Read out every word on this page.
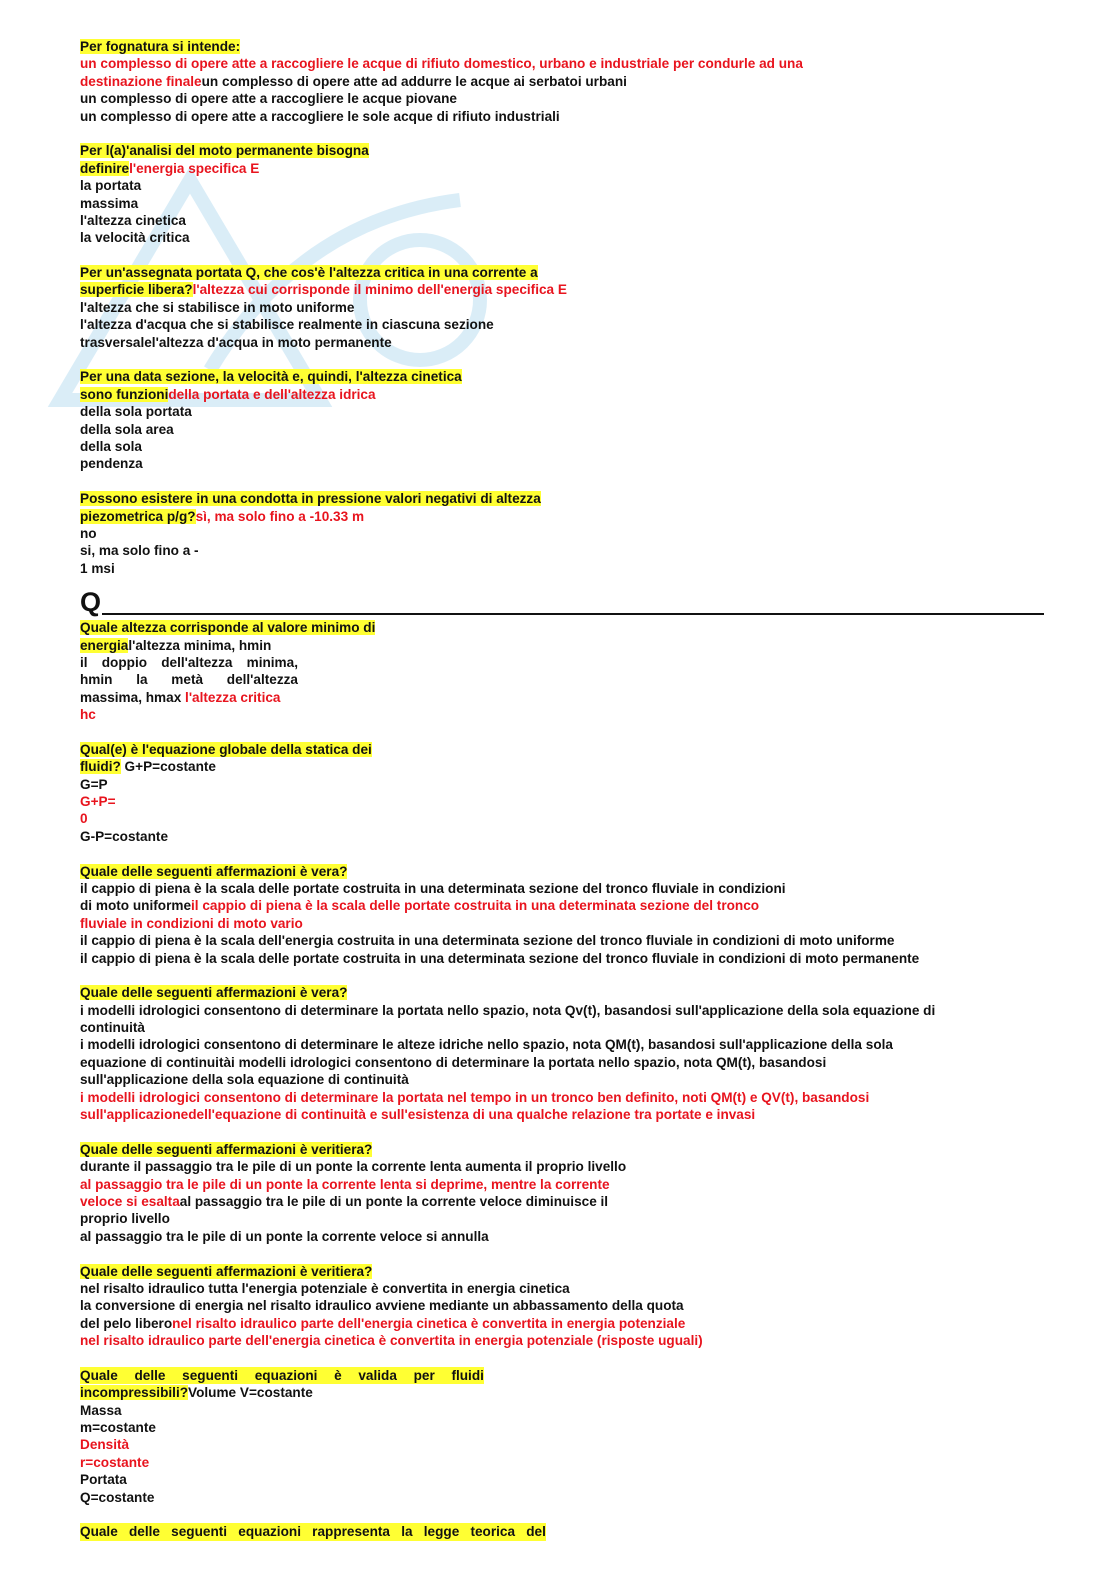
Per fognatura si intende:
un complesso di opere atte a raccogliere le acque di rifiuto domestico, urbano e industriale per condurle ad una
destinazione finaleun complesso di opere atte ad addurre le acque ai serbatoi urbani
un complesso di opere atte a raccogliere le acque piovane
un complesso di opere atte a raccogliere le sole acque di rifiuto industriali
Per l(a)'analisi del moto permanente bisogna
definirel'energia specifica E
la portata
massima
l'altezza cinetica
la velocità critica
Per un'assegnata portata Q, che cos'è l'altezza critica in una corrente a
superficie libera?l'altezza cui corrisponde il minimo dell'energia specifica E
l'altezza che si stabilisce in moto uniforme
l'altezza d'acqua che si stabilisce realmente in ciascuna sezione
trasversalel'altezza d'acqua in moto permanente
Per una data sezione, la velocità e, quindi, l'altezza cinetica
sono funzionidella portata e dell'altezza idrica
della sola portata
della sola area
della sola
pendenza
Possono esistere in una condotta in pressione valori negativi di altezza
piezometrica p/g?sì, ma solo fino a -10.33 m
no
si, ma solo fino a -
1 msi
Q
Quale altezza corrisponde al valore minimo di
energial'altezza minima, hmin
il doppio dell'altezza minima,
hmin la metà dell'altezza
massima, hmax l'altezza critica
hc
Qual(e) è l'equazione globale della statica dei
fluidi? G+P=costante
G=P
G+P=
0
G-P=costante
Quale delle seguenti affermazioni è vera?
il cappio di piena è la scala delle portate costruita in una determinata sezione del tronco fluviale in condizioni
di moto uniformeil cappio di piena è la scala delle portate costruita in una determinata sezione del tronco
fluviale in condizioni di moto vario
il cappio di piena è la scala dell'energia costruita in una determinata sezione del tronco fluviale in condizioni di moto uniforme
il cappio di piena è la scala delle portate costruita in una determinata sezione del tronco fluviale in condizioni di moto permanente
Quale delle seguenti affermazioni è vera?
i modelli idrologici consentono di determinare la portata nello spazio, nota Qv(t), basandosi sull'applicazione della sola equazione di
continuità
i modelli idrologici consentono di determinare le alteze idriche nello spazio, nota QM(t), basandosi sull'applicazione della sola
equazione di continuitài modelli idrologici consentono di determinare la portata nello spazio, nota QM(t), basandosi
sull'applicazione della sola equazione di continuità
i modelli idrologici consentono di determinare la portata nel tempo in un tronco ben definito, noti QM(t) e QV(t), basandosi
sull'applicazionedell'equazione di continuità e sull'esistenza di una qualche relazione tra portate e invasi
Quale delle seguenti affermazioni è veritiera?
durante il passaggio tra le pile di un ponte la corrente lenta aumenta il proprio livello
al passaggio tra le pile di un ponte la corrente lenta si deprime, mentre la corrente
veloce si esaltaal passaggio tra le pile di un ponte la corrente veloce diminuisce il
proprio livello
al passaggio tra le pile di un ponte la corrente veloce si annulla
Quale delle seguenti affermazioni è veritiera?
nel risalto idraulico tutta l'energia potenziale è convertita in energia cinetica
la conversione di energia nel risalto idraulico avviene mediante un abbassamento della quota
del pelo liberonel risalto idraulico parte dell'energia cinetica è convertita in energia potenziale
nel risalto idraulico parte dell'energia cinetica è convertita in energia potenziale (risposte uguali)
Quale delle seguenti equazioni è valida per fluidi
incompressibili?Volume V=costante
Massa
m=costante
Densità
r=costante
Portata
Q=costante
Quale delle seguenti equazioni rappresenta la legge teorica del
